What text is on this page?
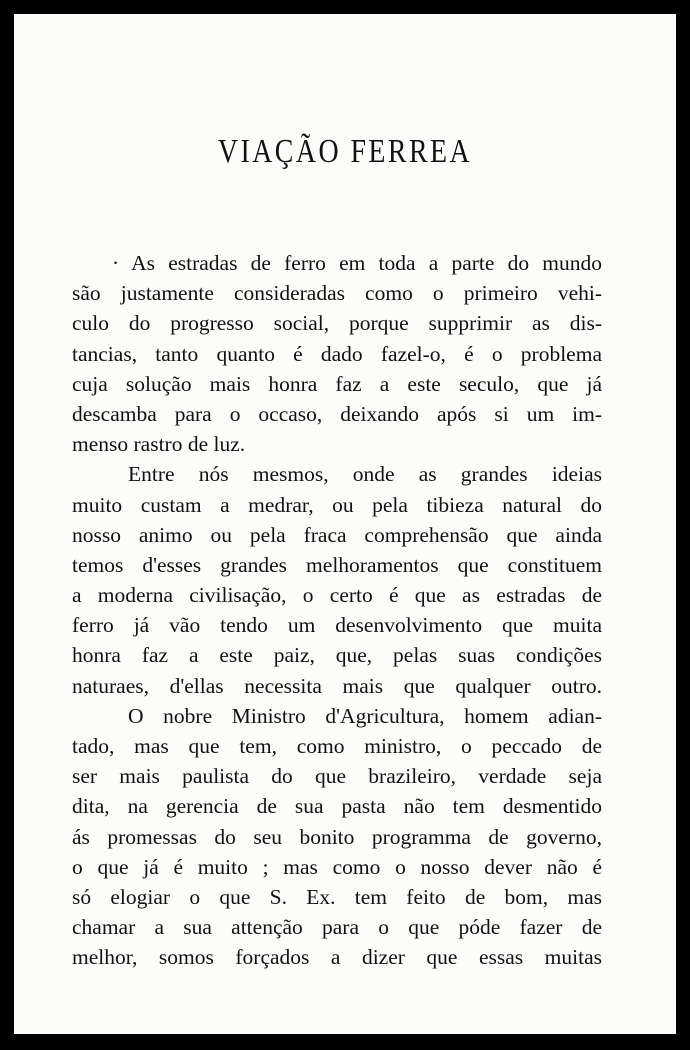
VIAÇÃO FERREA
· As estradas de ferro em toda a parte do mundo
são justamente consideradas como o primeiro vehi-
culo do progresso social, porque supprimir as dis-
tancias, tanto quanto é dado fazel-o, é o problema
cuja solução mais honra faz a este seculo, que já
descamba para o occaso, deixando após si um im-
menso rastro de luz.
Entre nós mesmos, onde as grandes ideias
muito custam a medrar, ou pela tibieza natural do
nosso animo ou pela fraca comprehensão que ainda
temos d'esses grandes melhoramentos que constituem
a moderna civilisação, o certo é que as estradas de
ferro já vão tendo um desenvolvimento que muita
honra faz a este paiz, que, pelas suas condições
naturaes, d'ellas necessita mais que qualquer outro.
O nobre Ministro d'Agricultura, homem adian-
tado, mas que tem, como ministro, o peccado de
ser mais paulista do que brazileiro, verdade seja
dita, na gerencia de sua pasta não tem desmentido
ás promessas do seu bonito programma de governo,
o que já é muito ; mas como o nosso dever não é
só elogiar o que S. Ex. tem feito de bom, mas
chamar a sua attenção para o que póde fazer de
melhor, somos forçados a dizer que essas muitas
